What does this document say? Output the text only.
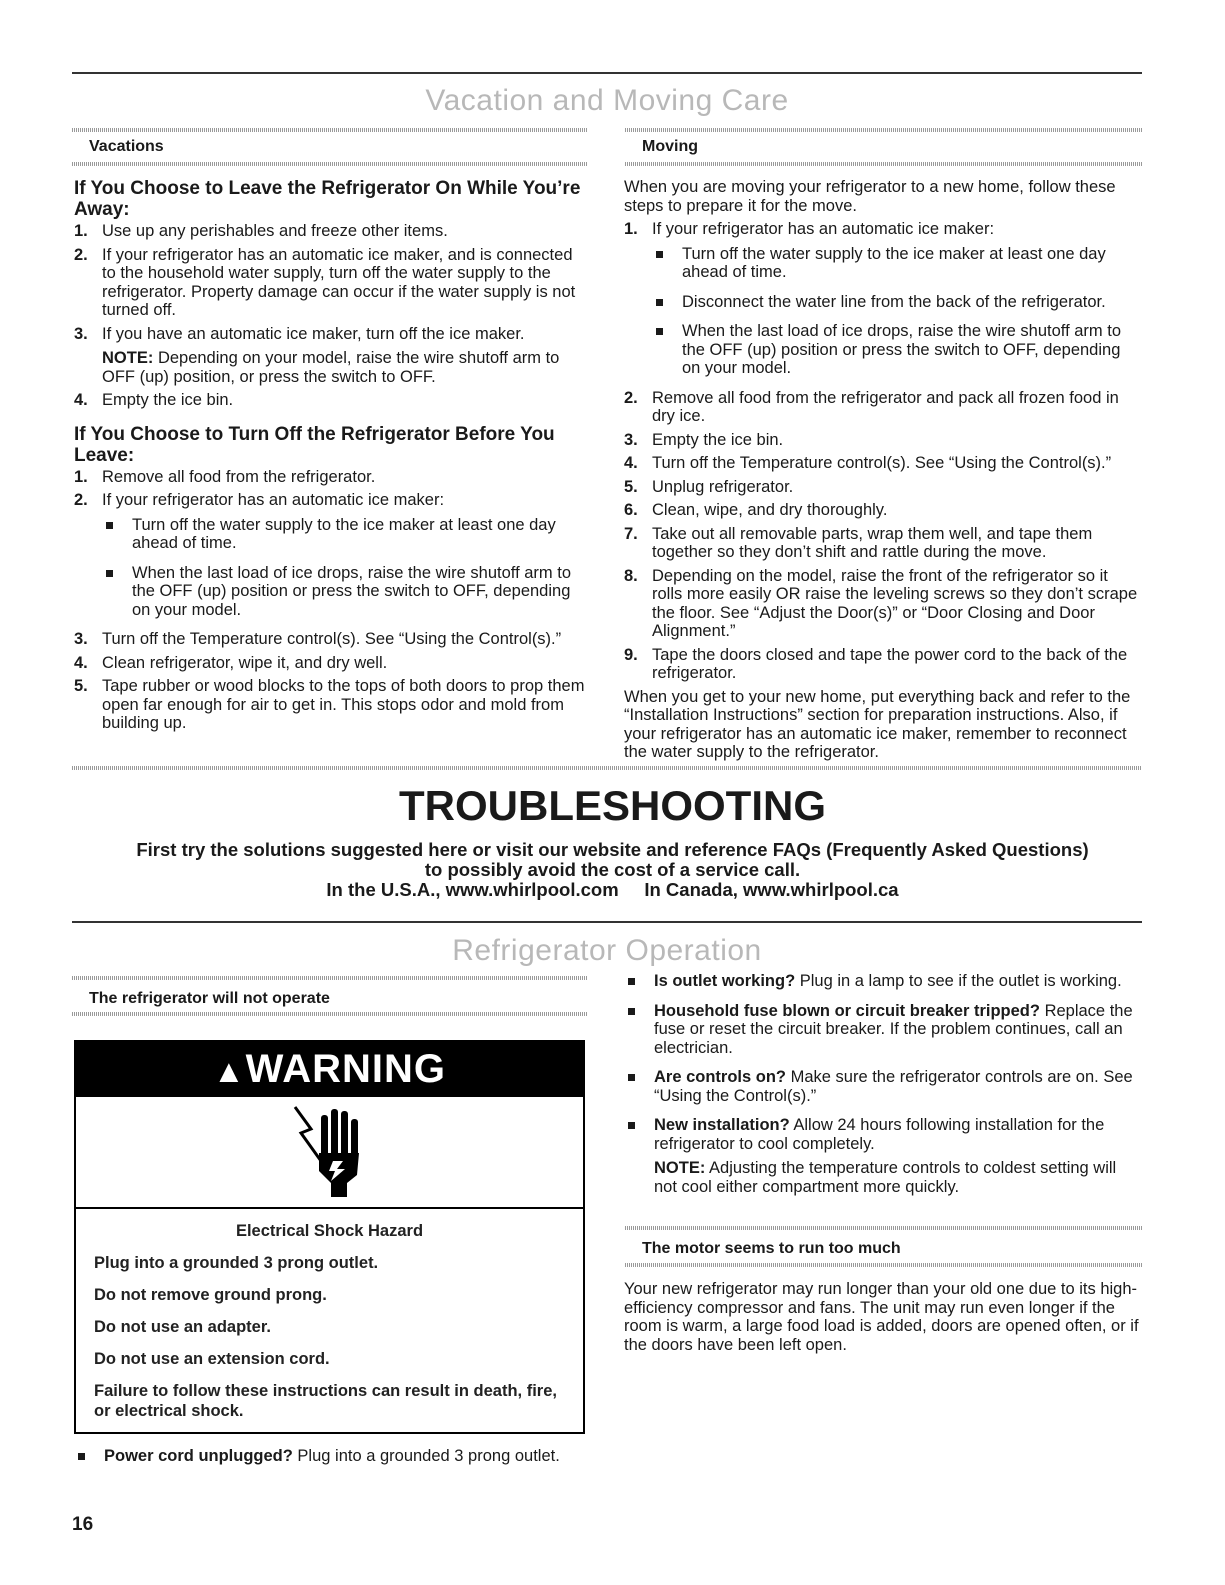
Vacation and Moving Care
Vacations	Moving
If You Choose to Leave the Refrigerator On While You’re Away:
1. Use up any perishables and freeze other items.
2. If your refrigerator has an automatic ice maker, and is connected to the household water supply, turn off the water supply to the refrigerator. Property damage can occur if the water supply is not turned off.
3. If you have an automatic ice maker, turn off the ice maker.

NOTE: Depending on your model, raise the wire shutoff arm to OFF (up) position, or press the switch to OFF.

4. Empty the ice bin.
If You Choose to Turn Off the Refrigerator Before You Leave:
1. Remove all food from the refrigerator.
2. If your refrigerator has an automatic ice maker:
Turn off the water supply to the ice maker at least one day ahead of time.
When the last load of ice drops, raise the wire shutoff arm to the OFF (up) position or press the switch to OFF, depending on your model.
3. Turn off the Temperature control(s). See “Using the Control(s).”
4. Clean refrigerator, wipe it, and dry well.
5. Tape rubber or wood blocks to the tops of both doors to prop them open far enough for air to get in. This stops odor and mold from building up.

When you are moving your refrigerator to a new home, follow these steps to prepare it for the move.

1. If your refrigerator has an automatic ice maker:
Turn off the water supply to the ice maker at least one day ahead of time.
Disconnect the water line from the back of the refrigerator.
When the last load of ice drops, raise the wire shutoff arm to the OFF (up) position or press the switch to OFF, depending on your model.
2. Remove all food from the refrigerator and pack all frozen food in dry ice.
3. Empty the ice bin.
4. Turn off the Temperature control(s). See “Using the Control(s).”
5. Unplug refrigerator.
6. Clean, wipe, and dry thoroughly.
7. Take out all removable parts, wrap them well, and tape them together so they don’t shift and rattle during the move.
8. Depending on the model, raise the front of the refrigerator so it rolls more easily OR raise the leveling screws so they don’t scrape the floor. See “Adjust the Door(s)” or “Door Closing and Door Alignment.”
9. Tape the doors closed and tape the power cord to the back of the refrigerator.

When you get to your new home, put everything back and refer to the “Installation Instructions” section for preparation instructions. Also, if your refrigerator has an automatic ice maker, remember to reconnect the water supply to the refrigerator.

TROUBLESHOOTING
First try the solutions suggested here or visit our website and reference FAQs (Frequently Asked Questions)
to possibly avoid the cost of a service call.
In the U.S.A., www.whirlpool.com     In Canada, www.whirlpool.ca
Refrigerator Operation
The refrigerator will not operate
▲WARNING

Electrical Shock Hazard

Plug into a grounded 3 prong outlet.

Do not remove ground prong.

Do not use an adapter.

Do not use an extension cord.

Failure to follow these instructions can result in death, fire, or electrical shock.

Power cord unplugged? Plug into a grounded 3 prong outlet.
Is outlet working? Plug in a lamp to see if the outlet is working.
Household fuse blown or circuit breaker tripped? Replace the fuse or reset the circuit breaker. If the problem continues, call an electrician.
Are controls on? Make sure the refrigerator controls are on. See “Using the Control(s).”
New installation? Allow 24 hours following installation for the refrigerator to cool completely.

NOTE: Adjusting the temperature controls to coldest setting will not cool either compartment more quickly.

The motor seems to run too much
Your new refrigerator may run longer than your old one due to its high-efficiency compressor and fans. The unit may run even longer if the room is warm, a large food load is added, doors are opened often, or if the doors have been left open.
16
